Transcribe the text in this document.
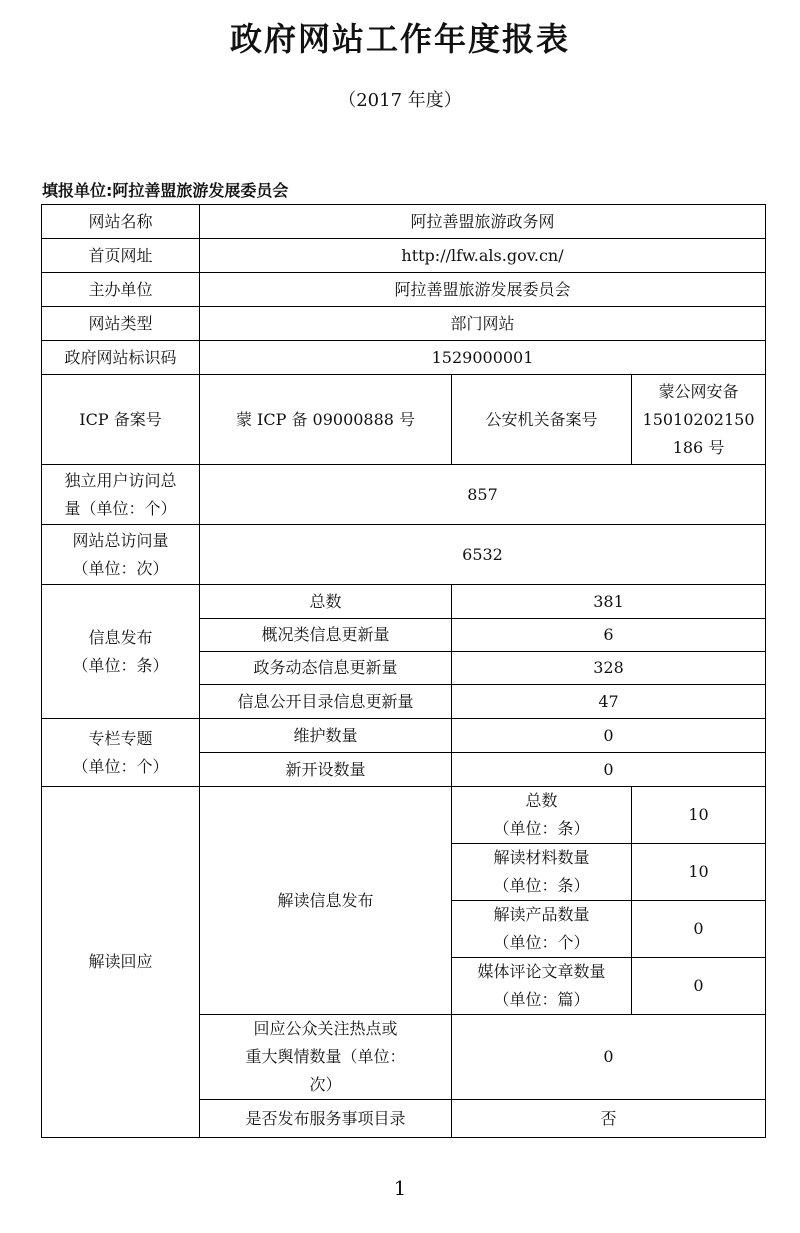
政府网站工作年度报表
（2017 年度）
填报单位:阿拉善盟旅游发展委员会
网站名称	阿拉善盟旅游政务网		
首页网址	http://lfw.als.gov.cn/		
主办单位	阿拉善盟旅游发展委员会		
网站类型	部门网站		
政府网站标识码	1529000001		
ICP 备案号	蒙 ICP 备 09000888 号	公安机关备案号	蒙公网安备
15010202150
186 号
独立用户访问总
量（单位：个）	857		
网站总访问量
（单位：次）	6532		
信息发布
（单位：条）	总数	381	
	概况类信息更新量	6	
	政务动态信息更新量	328	
	信息公开目录信息更新量	47	
专栏专题
（单位：个）	维护数量	0	
	新开设数量	0	
解读回应	解读信息发布	总数
（单位：条）	10
		解读材料数量
（单位：条）	10
		解读产品数量
（单位：个）	0
		媒体评论文章数量
（单位：篇）	0
	回应公众关注热点或
重大舆情数量（单位：
次）	0	
	是否发布服务事项目录	否	
1
